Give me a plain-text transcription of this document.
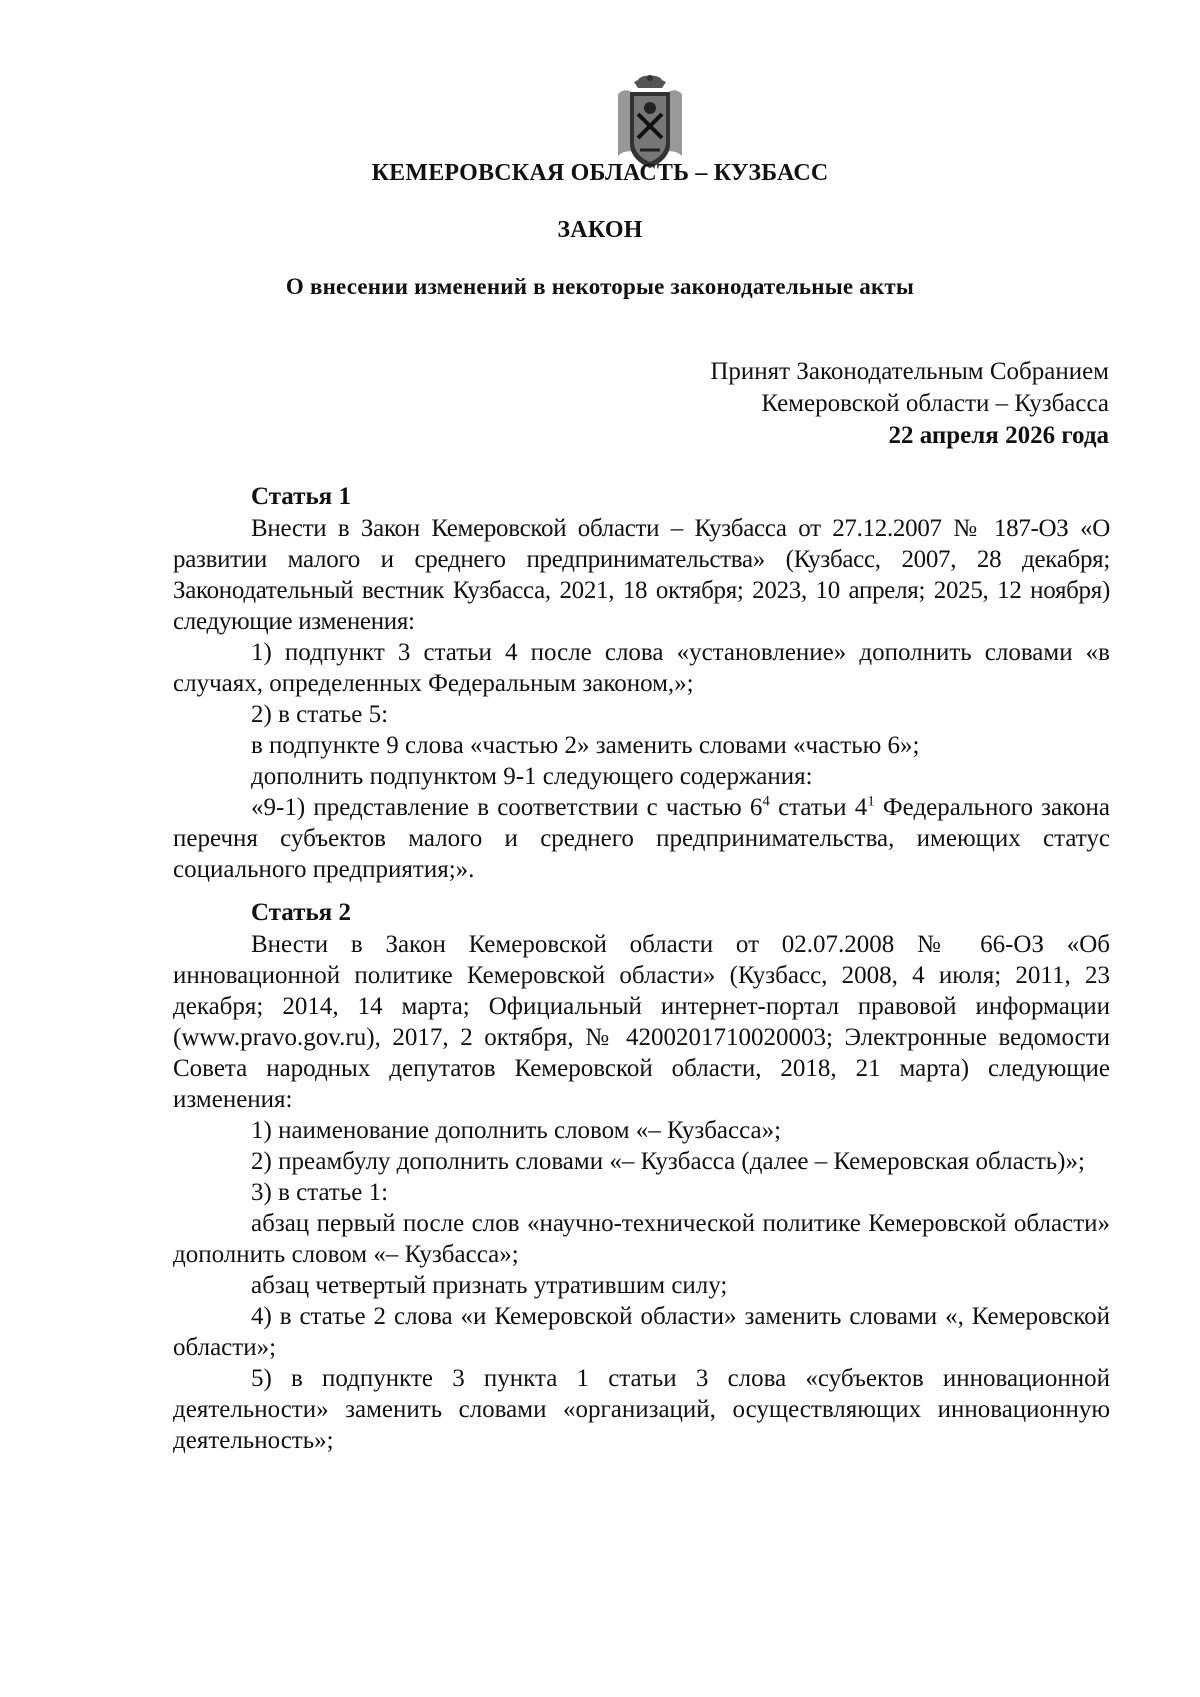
КЕМЕРОВСКАЯ ОБЛАСТЬ – КУЗБАСС
ЗАКОН
О внесении изменений в некоторые законодательные акты
Принят Законодательным Собранием
Кемеровской области – Кузбасса
22 апреля 2026 года
Статья 1

Внести в Закон Кемеровской области – Кузбасса от 27.12.2007 № 187-ОЗ «О развитии малого и среднего предпринимательства» (Кузбасс, 2007, 28 декабря; Законодательный вестник Кузбасса, 2021, 18 октября; 2023, 10 апреля; 2025, 12 ноября) следующие изменения:

1) подпункт 3 статьи 4 после слова «установление» дополнить словами «в случаях, определенных Федеральным законом,»;

2) в статье 5:

в подпункте 9 слова «частью 2» заменить словами «частью 6»;

дополнить подпунктом 9-1 следующего содержания:

«9-1) представление в соответствии с частью $6^4$ статьи $4^1$ Федерального закона перечня субъектов малого и среднего предпринимательства, имеющих статус социального предприятия;».

Статья 2

Внести в Закон Кемеровской области от 02.07.2008 № 66-ОЗ «Об инновационной политике Кемеровской области» (Кузбасс, 2008, 4 июля; 2011, 23 декабря; 2014, 14 марта; Официальный интернет-портал правовой информации (www.pravo.gov.ru), 2017, 2 октября, № 4200201710020003; Электронные ведомости Совета народных депутатов Кемеровской области, 2018, 21 марта) следующие изменения:

1) наименование дополнить словом «– Кузбасса»;

2) преамбулу дополнить словами «– Кузбасса (далее – Кемеровская область)»;

3) в статье 1:

абзац первый после слов «научно-технической политике Кемеровской области» дополнить словом «– Кузбасса»;

абзац четвертый признать утратившим силу;

4) в статье 2 слова «и Кемеровской области» заменить словами «, Кемеровской области»;

5) в подпункте 3 пункта 1 статьи 3 слова «субъектов инновационной деятельности» заменить словами «организаций, осуществляющих инновационную деятельность»;
